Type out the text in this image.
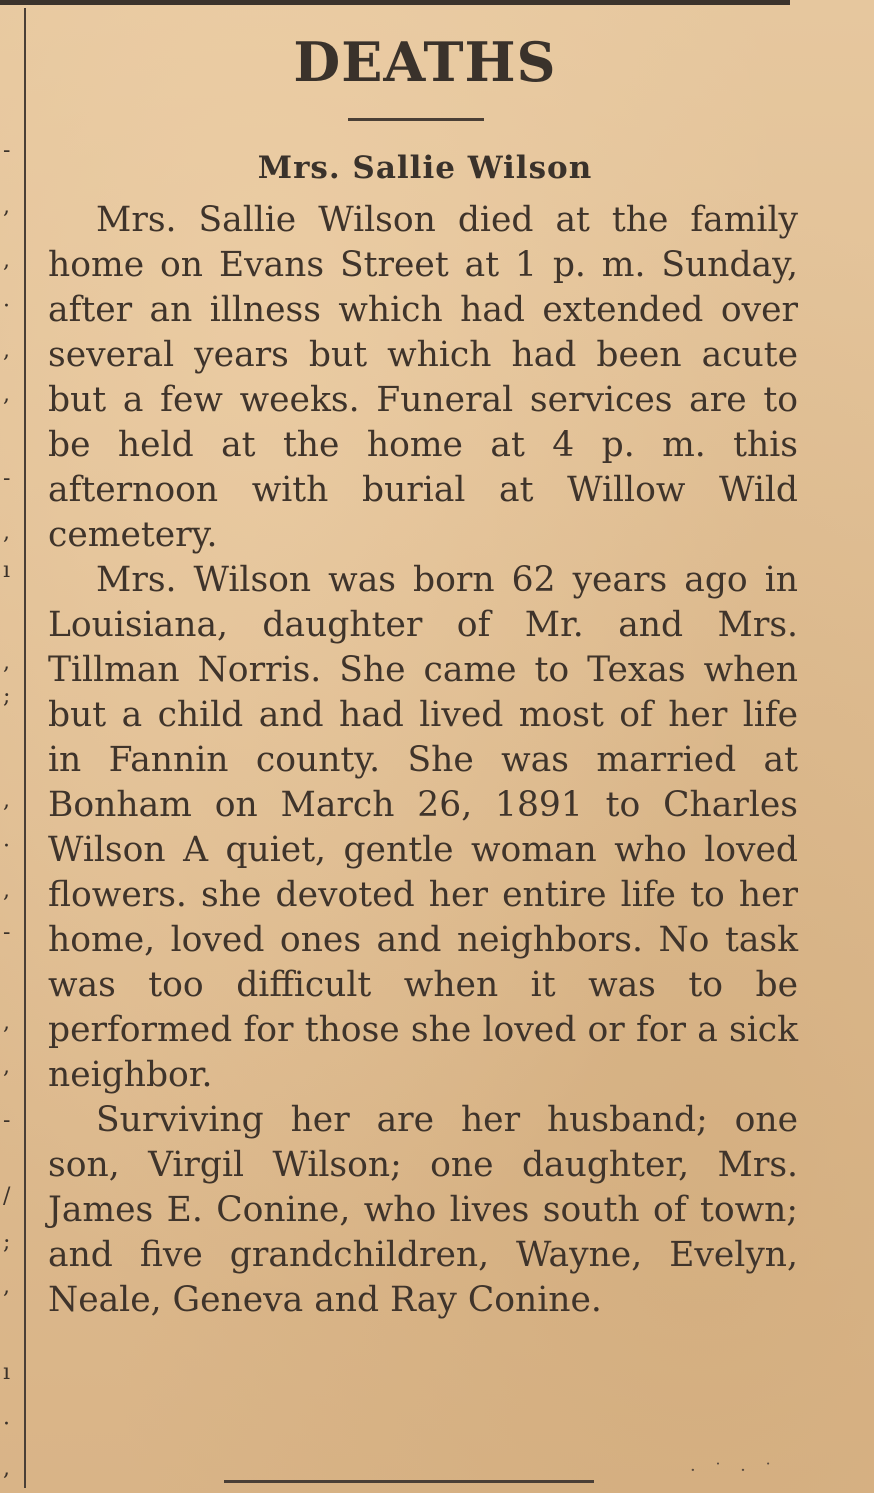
-
,
,
·
,
,
-
,
ı
,
;
,
·
,
-
,
,
-
/
;
,
ı
·
,
DEATHS
Mrs. Sallie Wilson

Mrs. Sallie Wilson died at the family home on Evans Street at 1 p. m. Sunday, after an illness which had extended over several years but which had been acute but a few weeks. Funeral services are to be held at the home at 4 p. m. this afternoon with burial at Willow Wild cemetery.

Mrs. Wilson was born 62 years ago in Louisiana, daughter of Mr. and Mrs. Tillman Norris. She came to Texas when but a child and had lived most of her life in Fannin county. She was married at Bonham on March 26, 1891 to Charles Wilson A quiet, gentle woman who loved flowers. she devoted her entire life to her home, loved ones and neighbors. No task was too difficult when it was to be performed for those she loved or for a sick neighbor.

Surviving her are her husband; one son, Virgil Wilson; one daughter, Mrs. James E. Conine, who lives south of town; and five grandchildren, Wayne, Evelyn, Neale, Geneva and Ray Conine.

· ˙ · ˙
